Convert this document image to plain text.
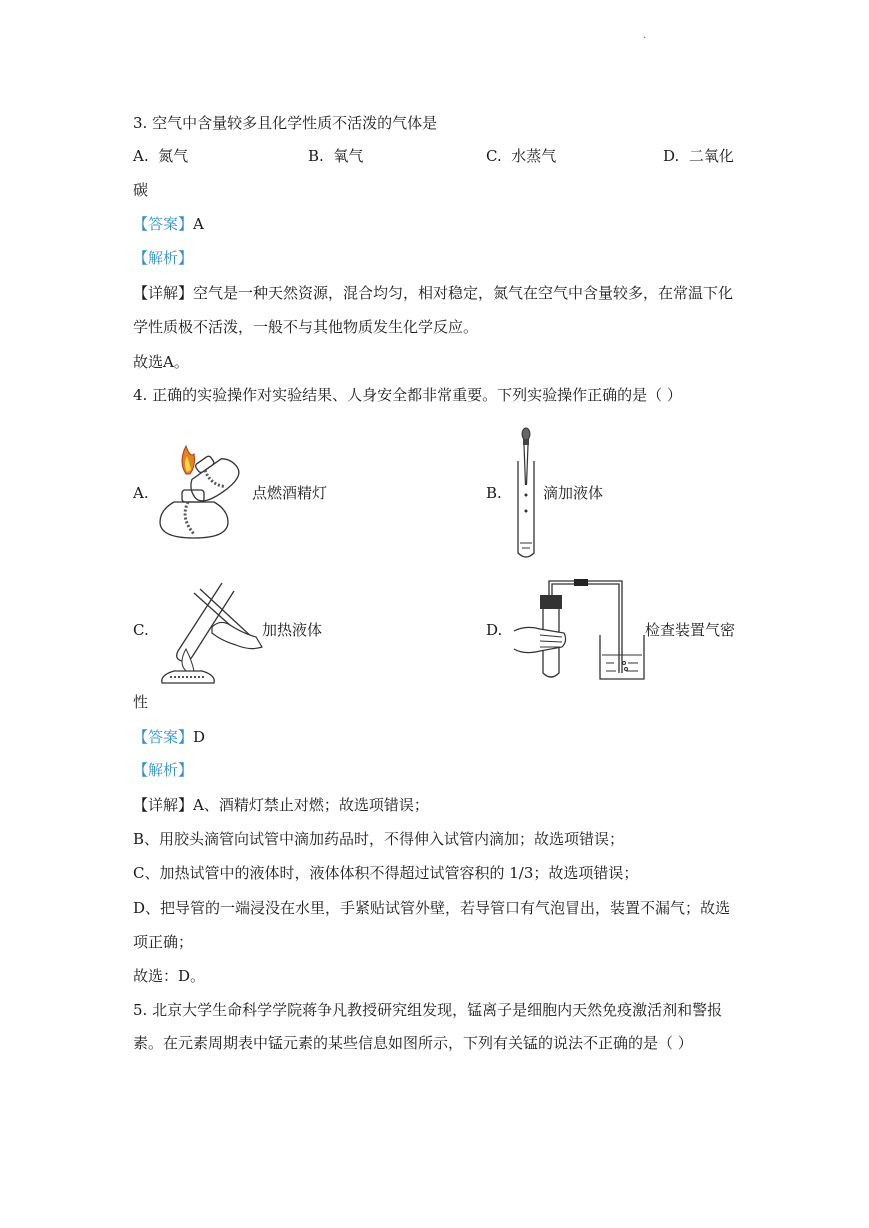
.
3. 空气中含量较多且化学性质不活泼的气体是
A. 氮气	B. 氧气	C. 水蒸气	D. 二氧化
碳
【答案】A
【解析】
【详解】空气是一种天然资源，混合均匀，相对稳定，氮气在空气中含量较多，在常温下化
学性质极不活泼，一般不与其他物质发生化学反应。
故选A。
4. 正确的实验操作对实验结果、人身安全都非常重要。下列实验操作正确的是（ ）
A.	点燃酒精灯	B.	滴加液体
C.	加热液体	D.	检查装置气密
性
【答案】D
【解析】
【详解】A、酒精灯禁止对燃；故选项错误；
B、用胶头滴管向试管中滴加药品时，不得伸入试管内滴加；故选项错误；
C、加热试管中的液体时，液体体积不得超过试管容积的 1/3；故选项错误；
D、把导管的一端浸没在水里，手紧贴试管外壁，若导管口有气泡冒出，装置不漏气；故选
项正确；
故选：D。
5. 北京大学生命科学学院蒋争凡教授研究组发现，锰离子是细胞内天然免疫激活剂和警报
素。在元素周期表中锰元素的某些信息如图所示，下列有关锰的说法不正确的是（ ）
